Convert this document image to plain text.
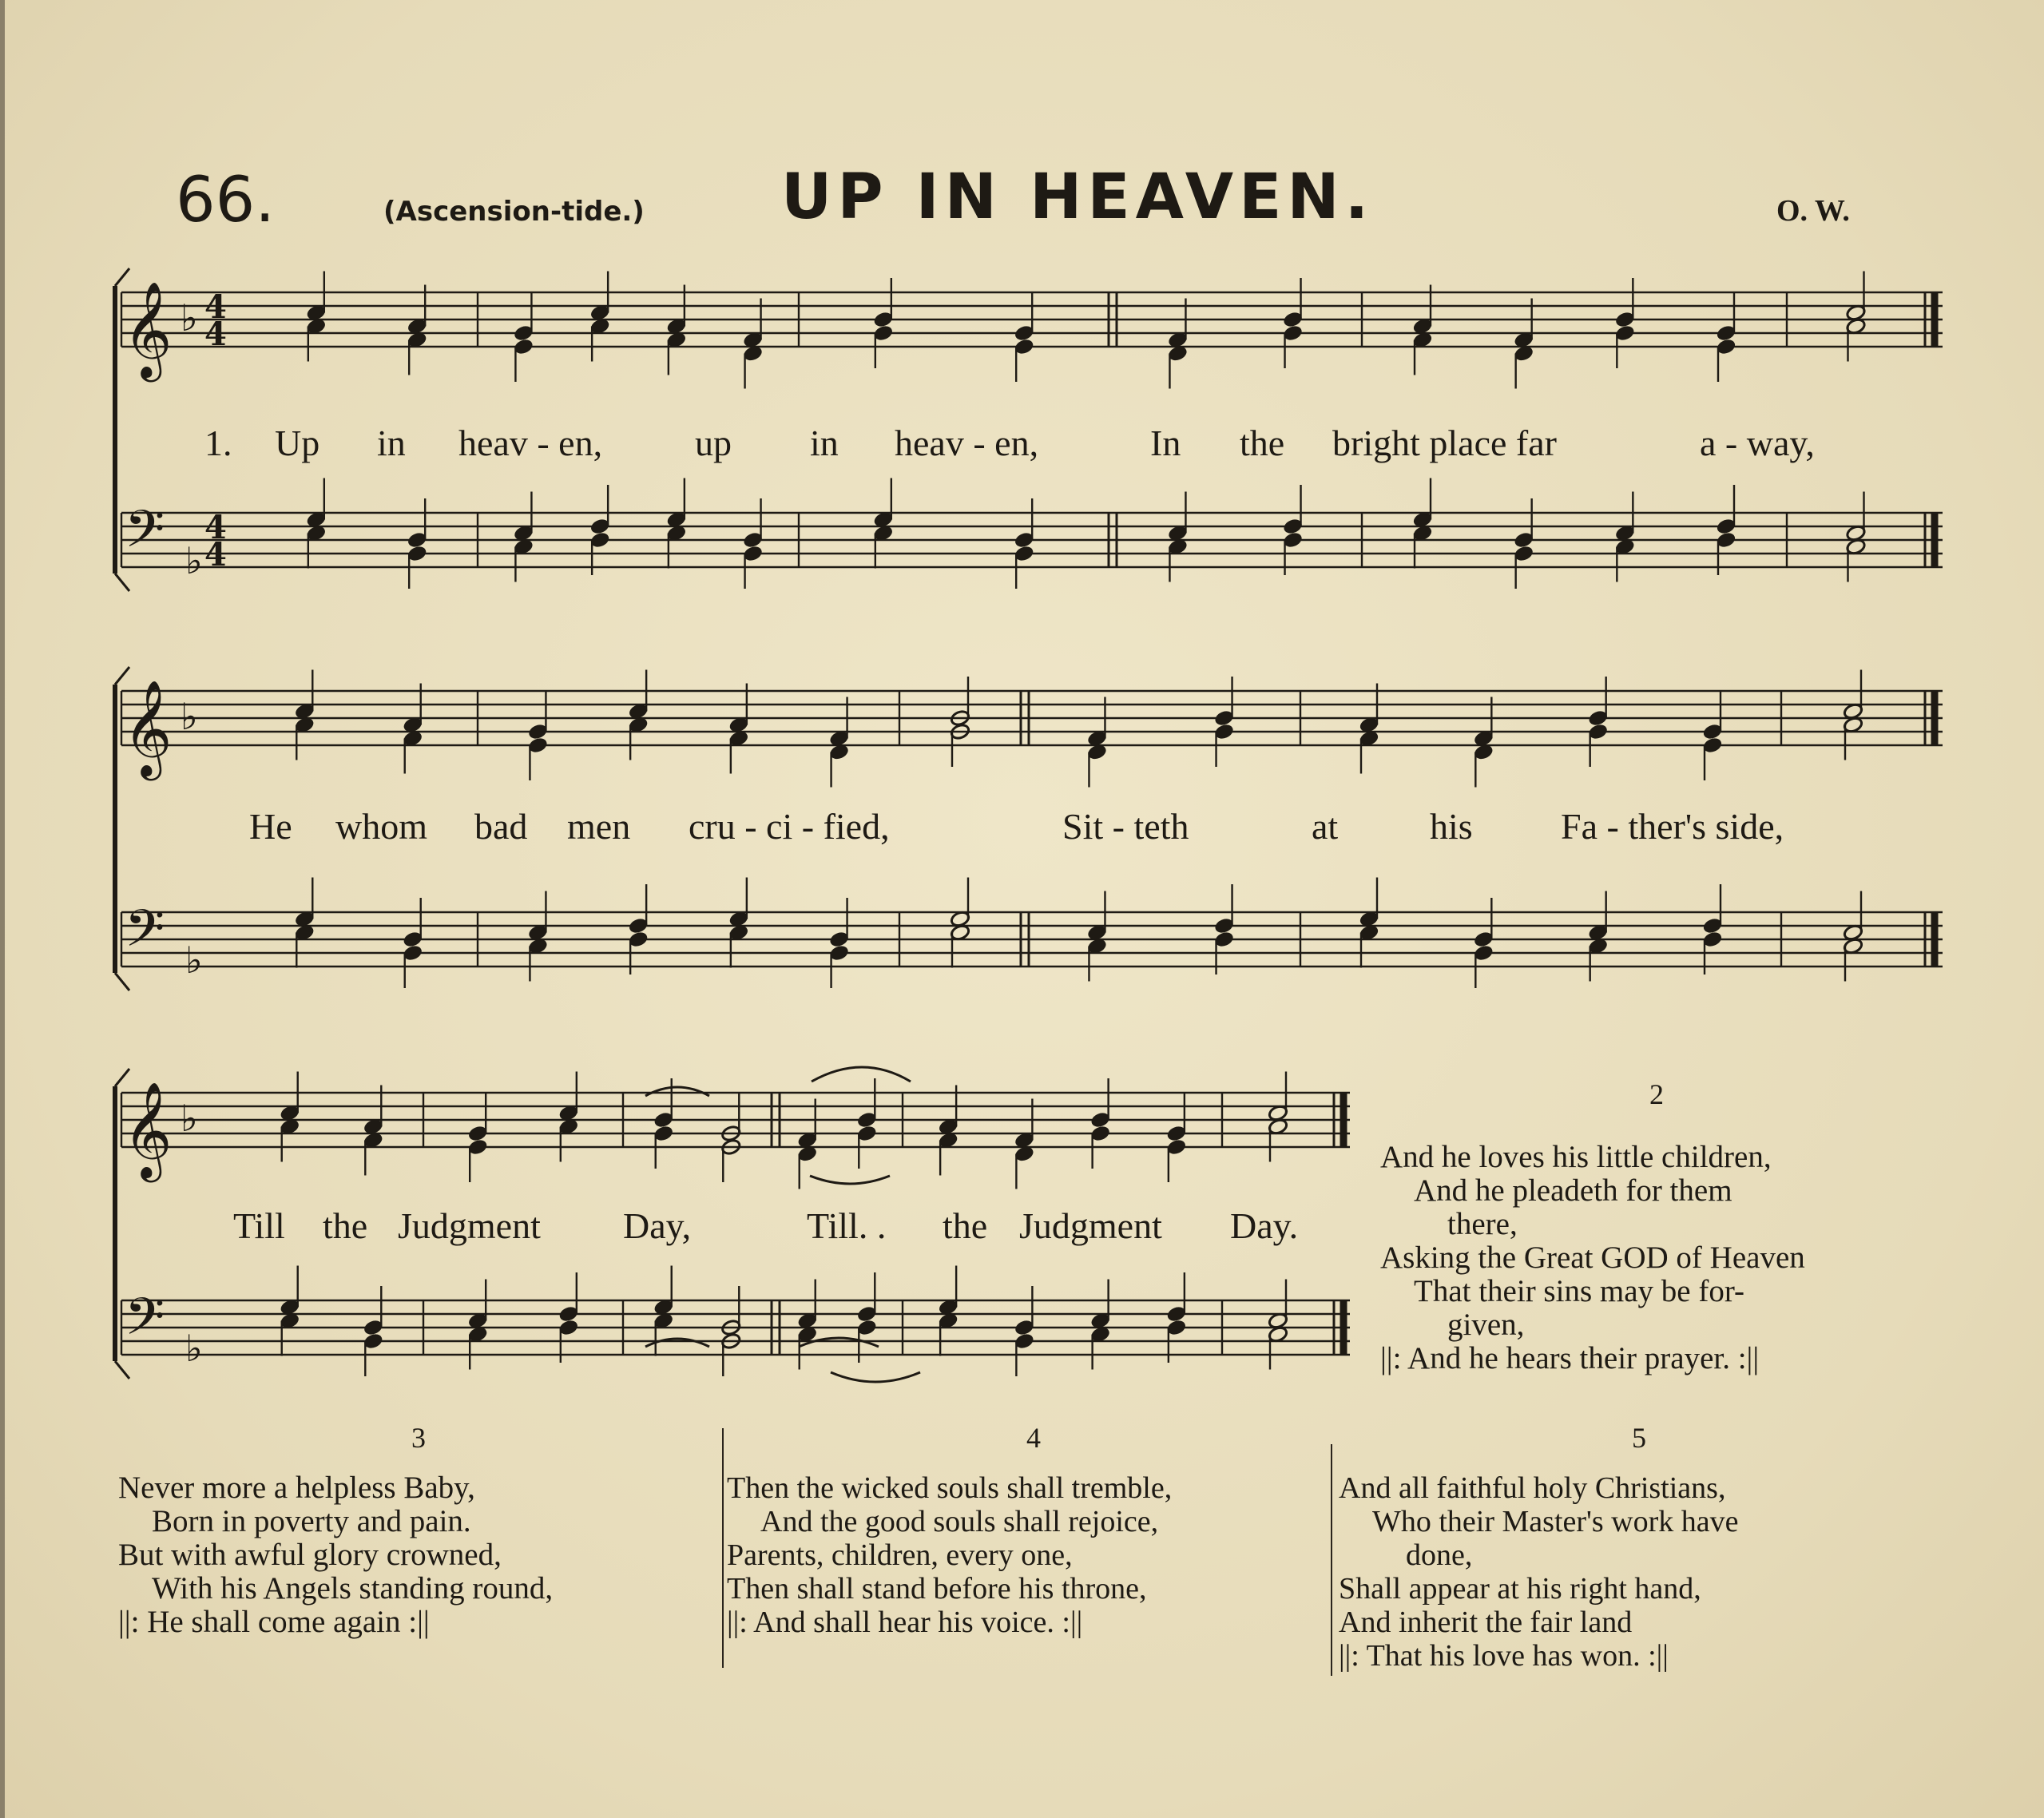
66.	(Ascension-tide.) UP IN HEAVEN.	O. W.
𝄞
𝄢
♭
♭
4
4
4
4
𝄞
𝄢
♭
♭
𝄞
𝄢
♭
♭
1. Up in heav - en,	up in heav - en,	In the bright place far	a - way,
He whom bad men cru - ci - fied,	Sit - teth	at his Fa - ther's side,
Till the Judgment Day,	Till. . the Judgment Day.
2
And he loves his little children,
And he pleadeth for them
there,
Asking the Great GOD of Heaven
That their sins may be for-
given,
||: And he hears their prayer. :||
3
Never more a helpless Baby,
Born in poverty and pain.
But with awful glory crowned,
With his Angels standing round,
||: He shall come again :||
4
Then the wicked souls shall tremble,
And the good souls shall rejoice,
Parents, children, every one,
Then shall stand before his throne,
||: And shall hear his voice. :||
5
And all faithful holy Christians,
Who their Master's work have
done,
Shall appear at his right hand,
And inherit the fair land
||: That his love has won. :||
